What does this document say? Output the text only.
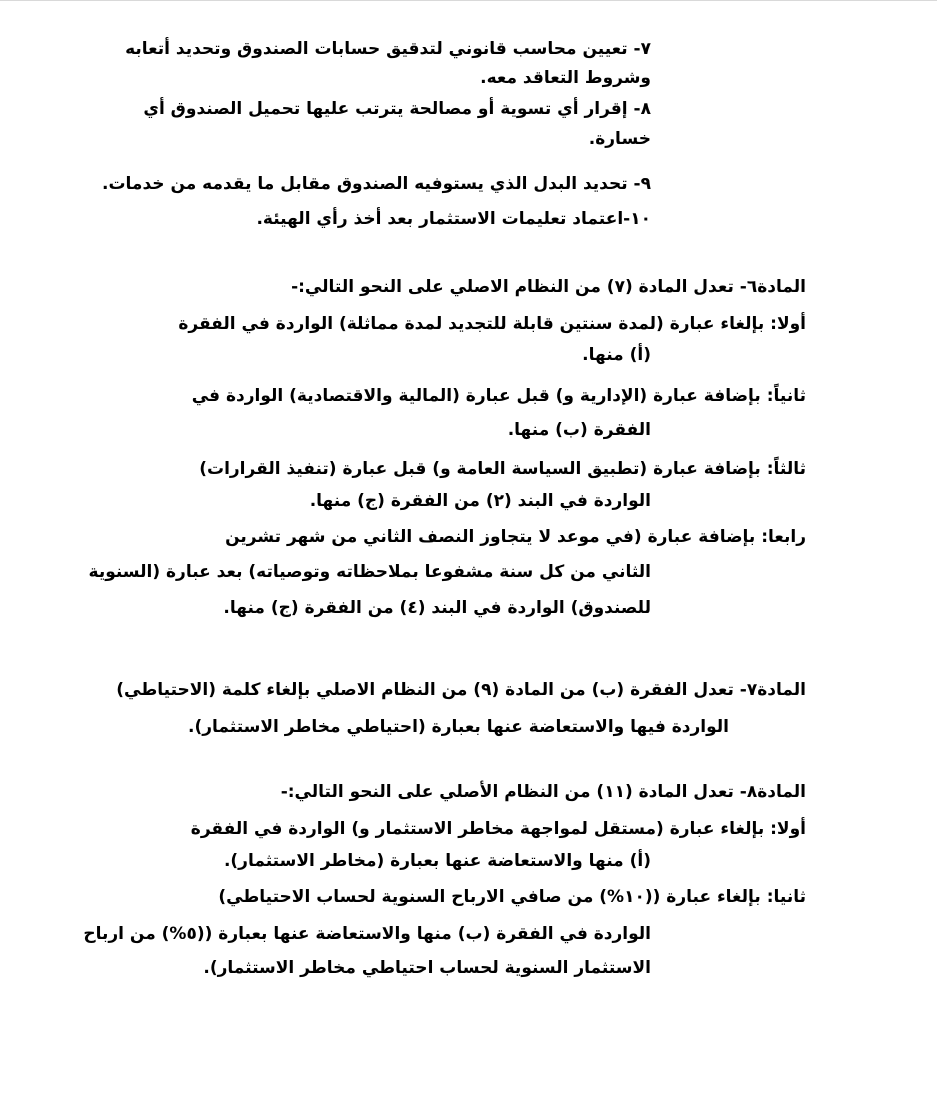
٧- تعيين محاسب قانوني لتدقيق حسابات الصندوق وتحديد أتعابه

وشروط التعاقد معه.

٨- إقرار أي تسوية أو مصالحة يترتب عليها تحميل الصندوق أي

خسارة.

٩- تحديد البدل الذي يستوفيه الصندوق مقابل ما يقدمه من خدمات.

١٠-اعتماد تعليمات الاستثمار بعد أخذ رأي الهيئة.

المادة٦- تعدل المادة (٧) من النظام الاصلي على النحو التالي:-

أولا: بإلغاء عبارة (لمدة سنتين قابلة للتجديد لمدة مماثلة) الواردة في الفقرة

(أ) منها.

ثانياً: بإضافة عبارة (الإدارية و) قبل عبارة (المالية والاقتصادية) الواردة في

الفقرة (ب) منها.

ثالثاً: بإضافة عبارة (تطبيق السياسة العامة و) قبل عبارة (تنفيذ القرارات)

الواردة في البند (٢) من الفقرة (ج) منها.

رابعا: بإضافة عبارة (في موعد لا يتجاوز النصف الثاني من شهر تشرين

الثاني من كل سنة مشفوعا بملاحظاته وتوصياته) بعد عبارة (السنوية

للصندوق) الواردة في البند (٤) من الفقرة (ج) منها.

المادة٧- تعدل الفقرة (ب) من المادة (٩) من النظام الاصلي بإلغاء كلمة (الاحتياطي)

الواردة فيها والاستعاضة عنها بعبارة (احتياطي مخاطر الاستثمار).

المادة٨- تعدل المادة (١١) من النظام الأصلي على النحو التالي:-

أولا: بإلغاء عبارة (مستقل لمواجهة مخاطر الاستثمار و) الواردة في الفقرة

(أ) منها والاستعاضة عنها بعبارة (مخاطر الاستثمار).

ثانيا: بإلغاء عبارة ((١٠%) من صافي الارباح السنوية لحساب الاحتياطي)

الواردة في الفقرة (ب) منها والاستعاضة عنها بعبارة ((٥%) من ارباح

الاستثمار السنوية لحساب احتياطي مخاطر الاستثمار).
